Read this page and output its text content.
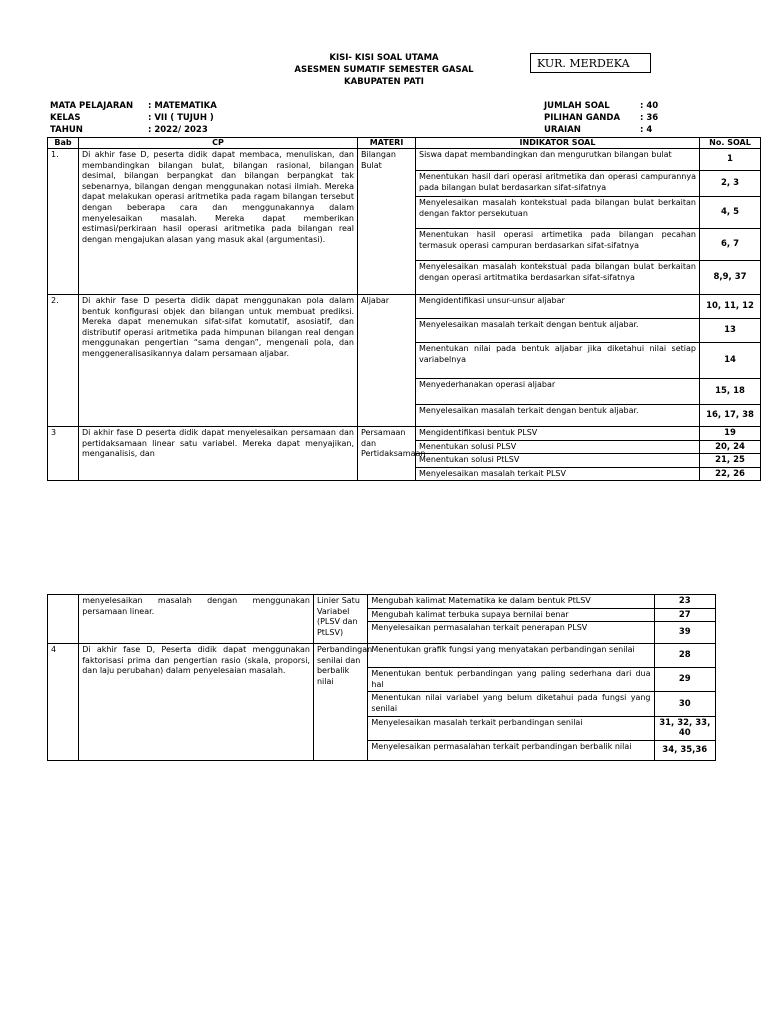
KISI- KISI SOAL UTAMA
ASESMEN SUMATIF SEMESTER GASAL
KABUPATEN PATI
KUR. MERDEKA
MATA PELAJARAN : MATEMATIKA
KELAS	: VII ( TUJUH )
TAHUN	: 2022/ 2023
JUMLAH SOAL	: 40
PILIHAN GANDA : 36
URAIAN	: 4
Bab	CP	MATERI	INDIKATOR SOAL	No. SOAL
1.	Di akhir fase D, peserta didik dapat membaca, menuliskan, dan membandingkan bilangan bulat, bilangan rasional, bilangan desimal, bilangan berpangkat dan bilangan berpangkat tak sebenarnya, bilangan dengan menggunakan notasi ilmiah. Mereka dapat melakukan operasi aritmetika pada ragam bilangan tersebut dengan beberapa cara dan menggunakannya dalam menyelesaikan masalah. Mereka dapat memberikan estimasi/perkiraan hasil operasi aritmetika pada bilangan real dengan mengajukan alasan yang masuk akal (argumentasi).	Bilangan Bulat	Siswa dapat membandingkan dan mengurutkan bilangan bulat	1
			Menentukan hasil dari operasi aritmetika dan operasi campurannya pada bilangan bulat berdasarkan sifat-sifatnya	2, 3
			Menyelesaikan masalah kontekstual pada bilangan bulat berkaitan dengan faktor persekutuan	4, 5
			Menentukan hasil operasi artimetika pada bilangan pecahan termasuk operasi campuran berdasarkan sifat-sifatnya	6, 7
			Menyelesaikan masalah kontekstual pada bilangan bulat berkaitan dengan operasi artitmatika berdasarkan sifat-sifatnya	8,9, 37
2.	Di akhir fase D peserta didik dapat menggunakan pola dalam bentuk konfigurasi objek dan bilangan untuk membuat prediksi. Mereka dapat menemukan sifat-sifat komutatif, asosiatif, dan distributif operasi aritmetika pada himpunan bilangan real dengan menggunakan pengertian “sama dengan”, mengenali pola, dan menggeneralisasikannya dalam persamaan aljabar.	Aljabar	Mengidentifikasi unsur-unsur aljabar	10, 11, 12
			Menyelesaikan masalah terkait dengan bentuk aljabar.	13
			Menentukan nilai pada bentuk aljabar jika diketahui nilai setiap variabelnya	14
			Menyederhanakan operasi aljabar	15, 18
			Menyelesaikan masalah terkait dengan bentuk aljabar.	16, 17, 38
3	Di akhir fase D peserta didik dapat menyelesaikan persamaan dan pertidaksamaan linear satu variabel. Mereka dapat menyajikan, menganalisis, dan	Persamaan dan Pertidaksamaan	Mengidentifikasi bentuk PLSV	19
			Menentukan solusi PLSV	20, 24
			Menentukan solusi PtLSV	21, 25
			Menyelesaikan masalah terkait PLSV	22, 26
	menyelesaikan masalah dengan menggunakan persamaan linear.	Linier Satu Variabel (PLSV dan PtLSV)	Mengubah kalimat Matematika ke dalam bentuk PtLSV	23
			Mengubah kalimat terbuka supaya bernilai benar	27
			Menyelesaikan permasalahan terkait penerapan PLSV	39
4	Di akhir fase D, Peserta didik dapat menggunakan faktorisasi prima dan pengertian rasio (skala, proporsi, dan laju perubahan) dalam penyelesaian masalah.	Perbandingan senilai dan berbalik nilai	Menentukan grafik fungsi yang menyatakan perbandingan senilai	28
			Menentukan bentuk perbandingan yang paling sederhana dari dua hal	29
			Menentukan nilai variabel yang belum diketahui pada fungsi yang senilai	30
			Menyelesaikan masalah terkait perbandingan senilai	31, 32, 33, 40
			Menyelesaikan permasalahan terkait perbandingan berbalik nilai	34, 35,36
